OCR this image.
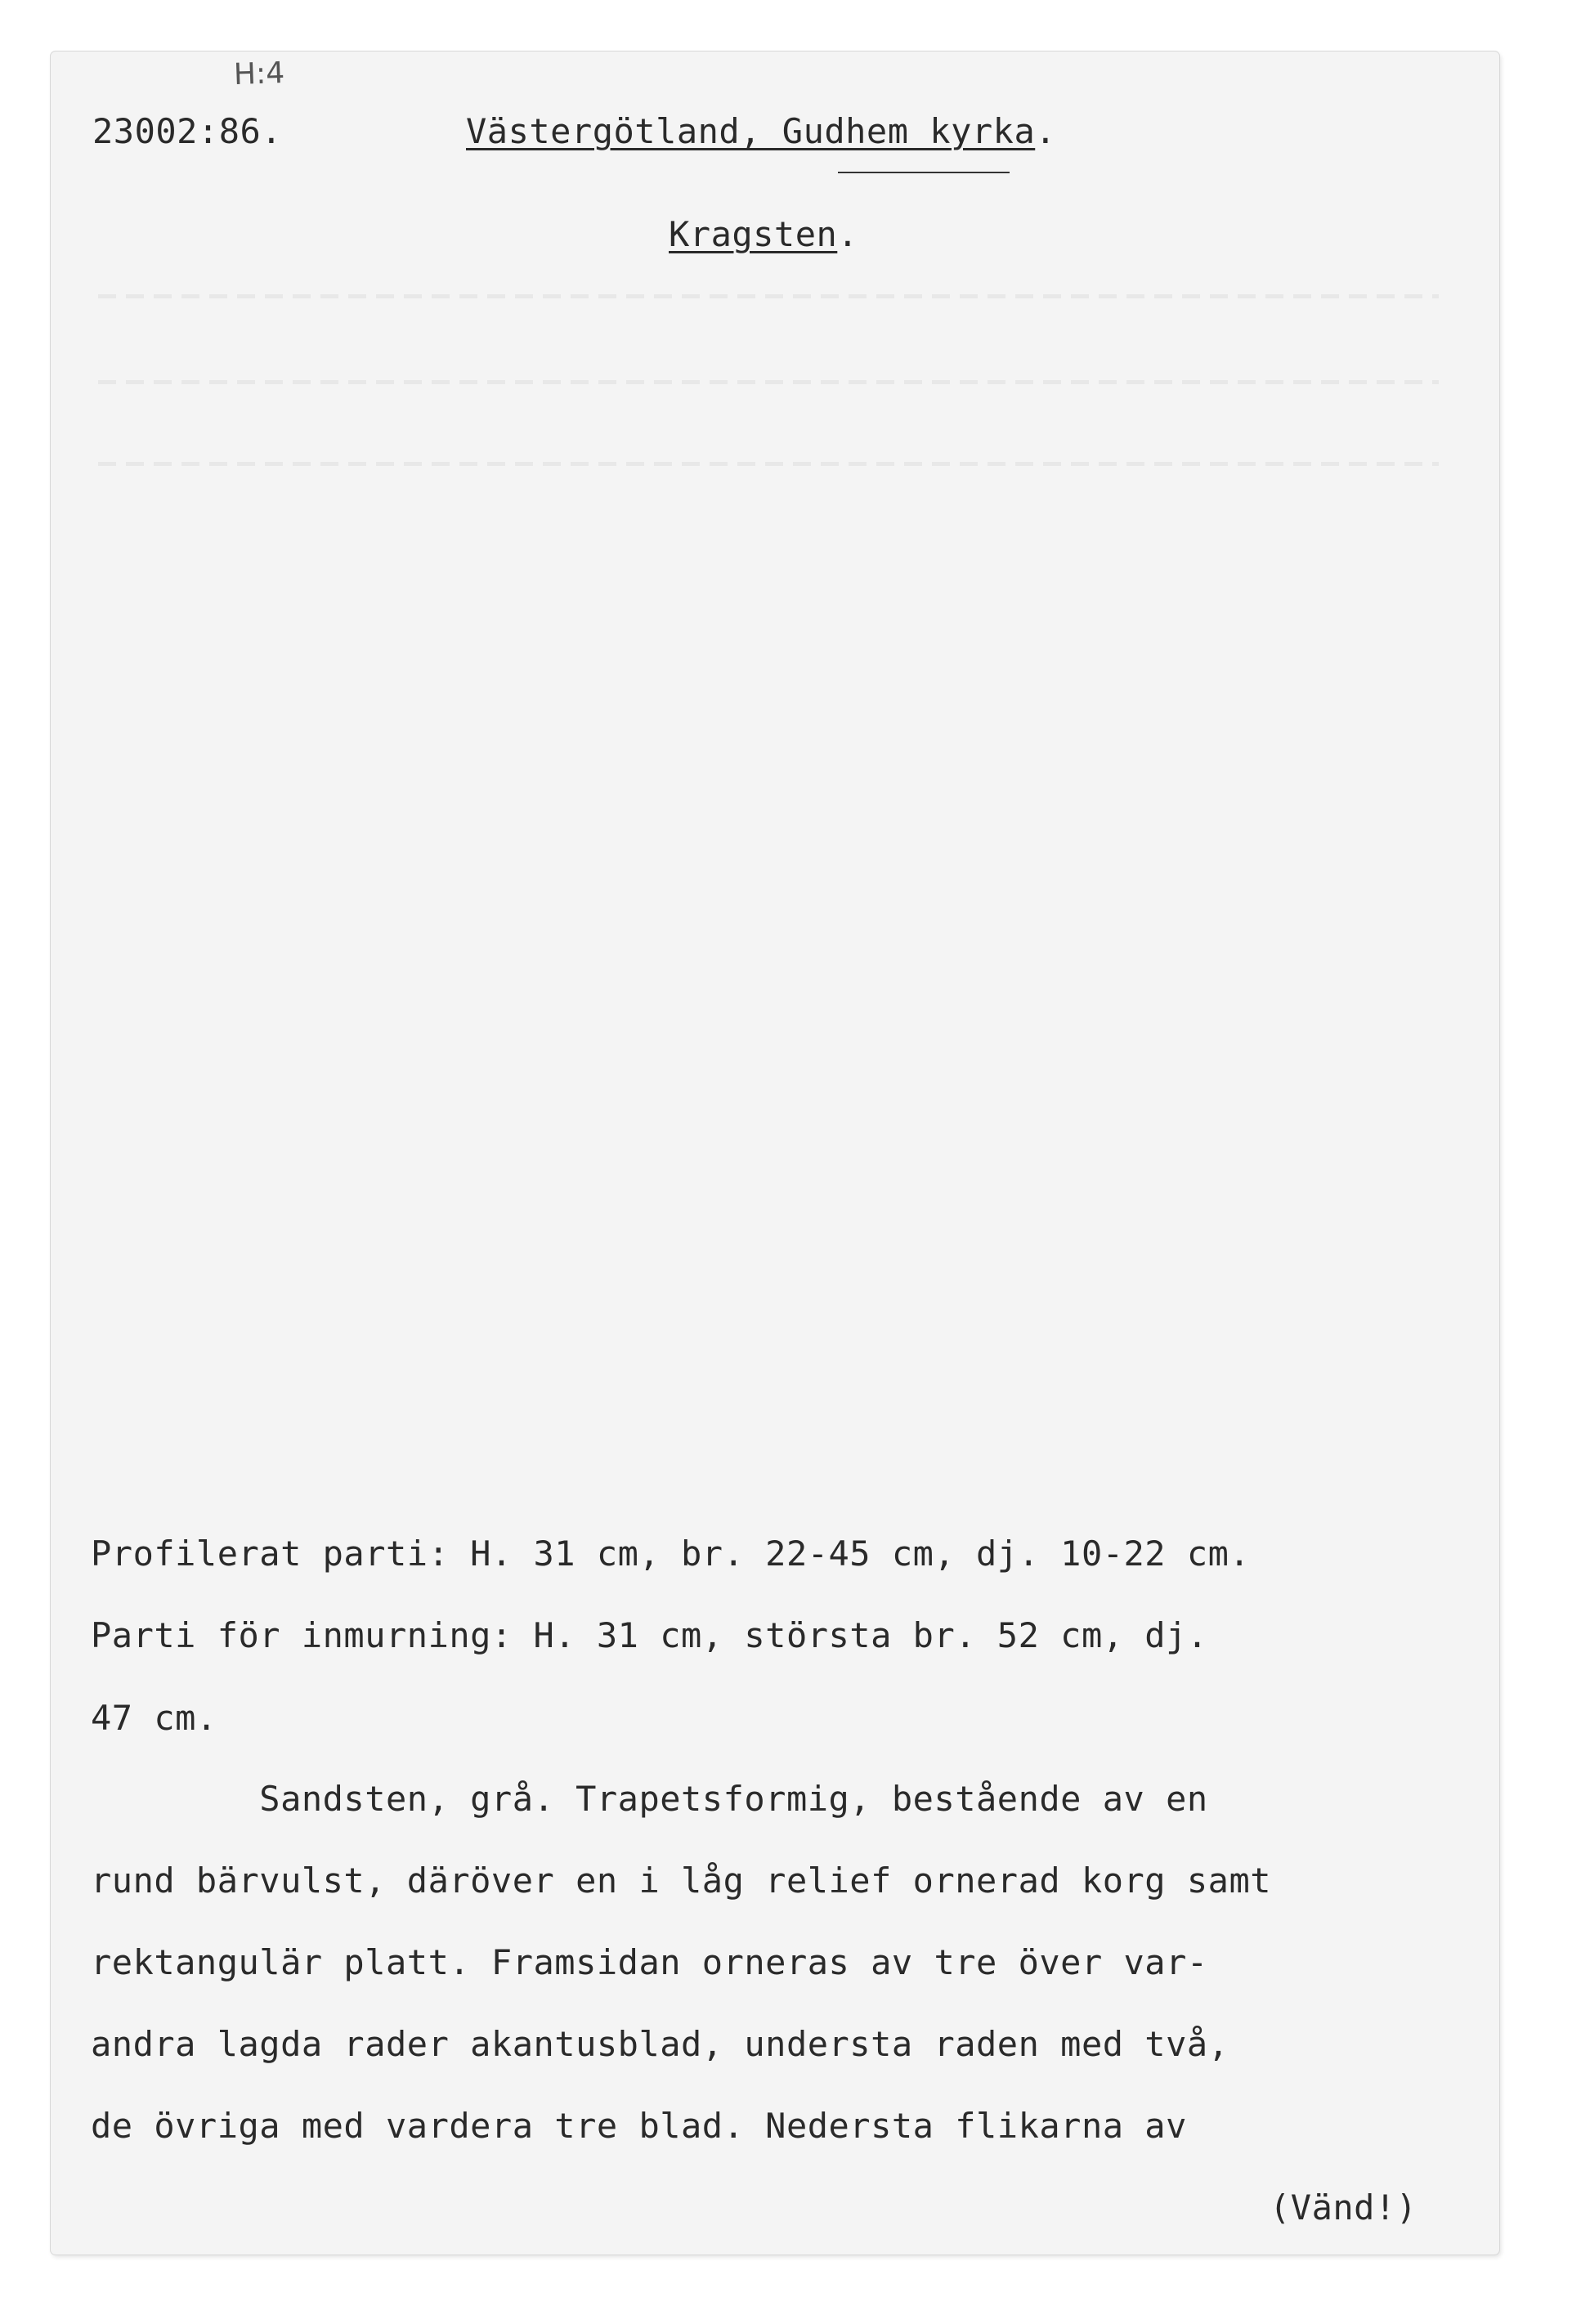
H:4
23002:86.	Västergötland, Gudhem kyrka.
Kragsten.
Profilerat parti: H. 31 cm, br. 22-45 cm, dj. 10-22 cm.
Parti för inmurning: H. 31 cm, största br. 52 cm, dj.
47 cm.
Sandsten, grå. Trapetsformig, bestående av en
rund bärvulst, däröver en i låg relief ornerad korg samt
rektangulär platt. Framsidan orneras av tre över var-
andra lagda rader akantusblad, understa raden med två,
de övriga med vardera tre blad. Nedersta flikarna av
(Vänd!)
